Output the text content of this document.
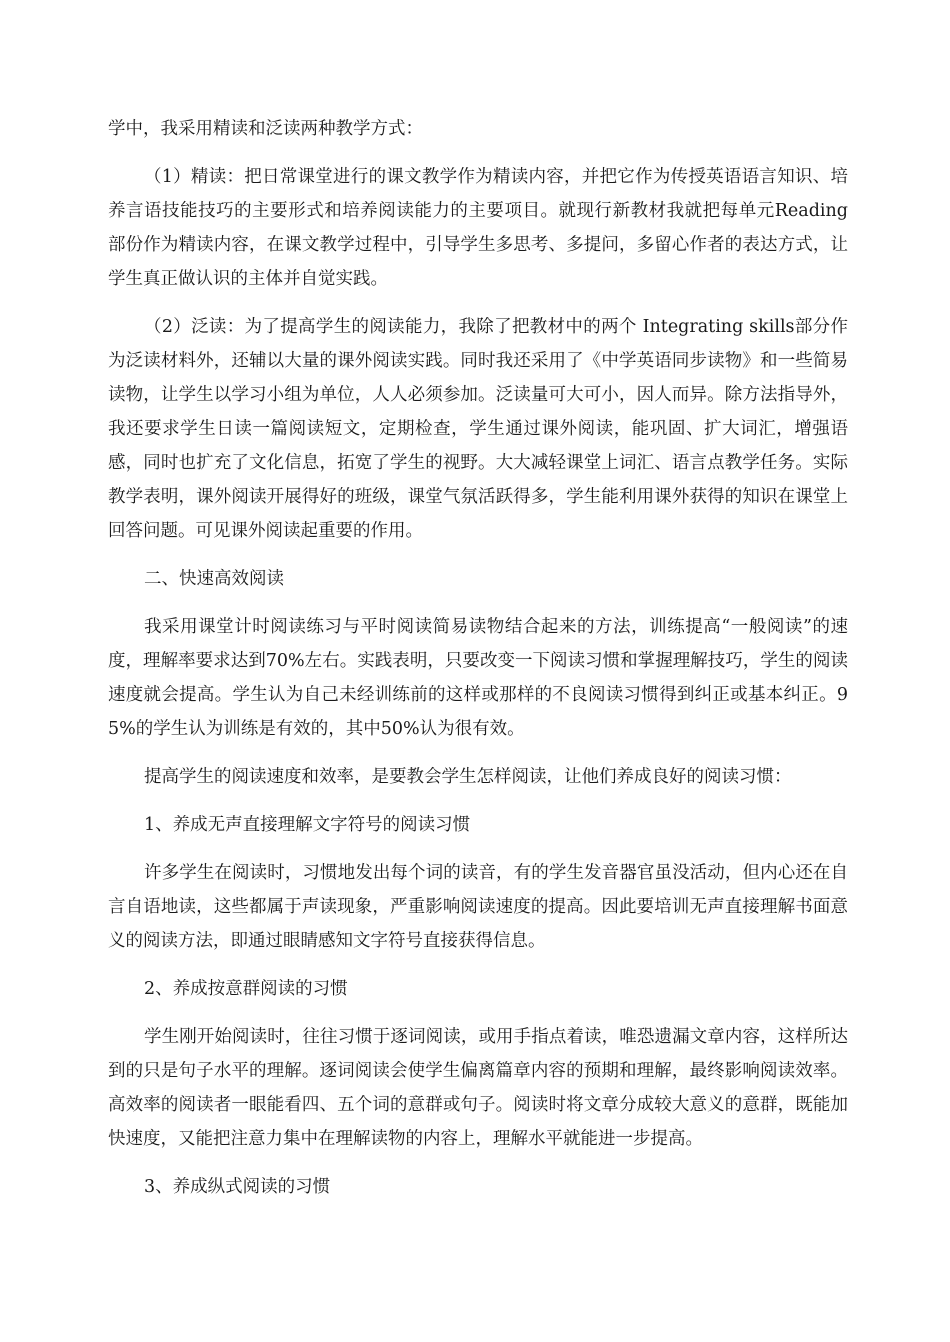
学中，我采用精读和泛读两种教学方式：

（1）精读：把日常课堂进行的课文教学作为精读内容，并把它作为传授英语语言知识、培养言语技能技巧的主要形式和培养阅读能力的主要项目。就现行新教材我就把每单元Reading 部份作为精读内容，在课文教学过程中，引导学生多思考、多提问，多留心作者的表达方式，让学生真正做认识的主体并自觉实践。

（2）泛读：为了提高学生的阅读能力，我除了把教材中的两个 Integrating skills部分作为泛读材料外，还辅以大量的课外阅读实践。同时我还采用了《中学英语同步读物》和一些简易读物，让学生以学习小组为单位，人人必须参加。泛读量可大可小，因人而异。除方法指导外，我还要求学生日读一篇阅读短文，定期检查，学生通过课外阅读，能巩固、扩大词汇，增强语感，同时也扩充了文化信息，拓宽了学生的视野。大大减轻课堂上词汇、语言点教学任务。实际教学表明，课外阅读开展得好的班级，课堂气氛活跃得多，学生能利用课外获得的知识在课堂上回答问题。可见课外阅读起重要的作用。

二、快速高效阅读

我采用课堂计时阅读练习与平时阅读简易读物结合起来的方法，训练提高“一般阅读”的速度，理解率要求达到70%左右。实践表明，只要改变一下阅读习惯和掌握理解技巧，学生的阅读速度就会提高。学生认为自己未经训练前的这样或那样的不良阅读习惯得到纠正或基本纠正。95%的学生认为训练是有效的，其中50%认为很有效。

提高学生的阅读速度和效率，是要教会学生怎样阅读，让他们养成良好的阅读习惯：

1、养成无声直接理解文字符号的阅读习惯

许多学生在阅读时，习惯地发出每个词的读音，有的学生发音器官虽没活动，但内心还在自言自语地读，这些都属于声读现象，严重影响阅读速度的提高。因此要培训无声直接理解书面意义的阅读方法，即通过眼睛感知文字符号直接获得信息。

2、养成按意群阅读的习惯

学生刚开始阅读时，往往习惯于逐词阅读，或用手指点着读，唯恐遗漏文章内容，这样所达到的只是句子水平的理解。逐词阅读会使学生偏离篇章内容的预期和理解，最终影响阅读效率。高效率的阅读者一眼能看四、五个词的意群或句子。阅读时将文章分成较大意义的意群，既能加快速度，又能把注意力集中在理解读物的内容上，理解水平就能进一步提高。

3、养成纵式阅读的习惯
